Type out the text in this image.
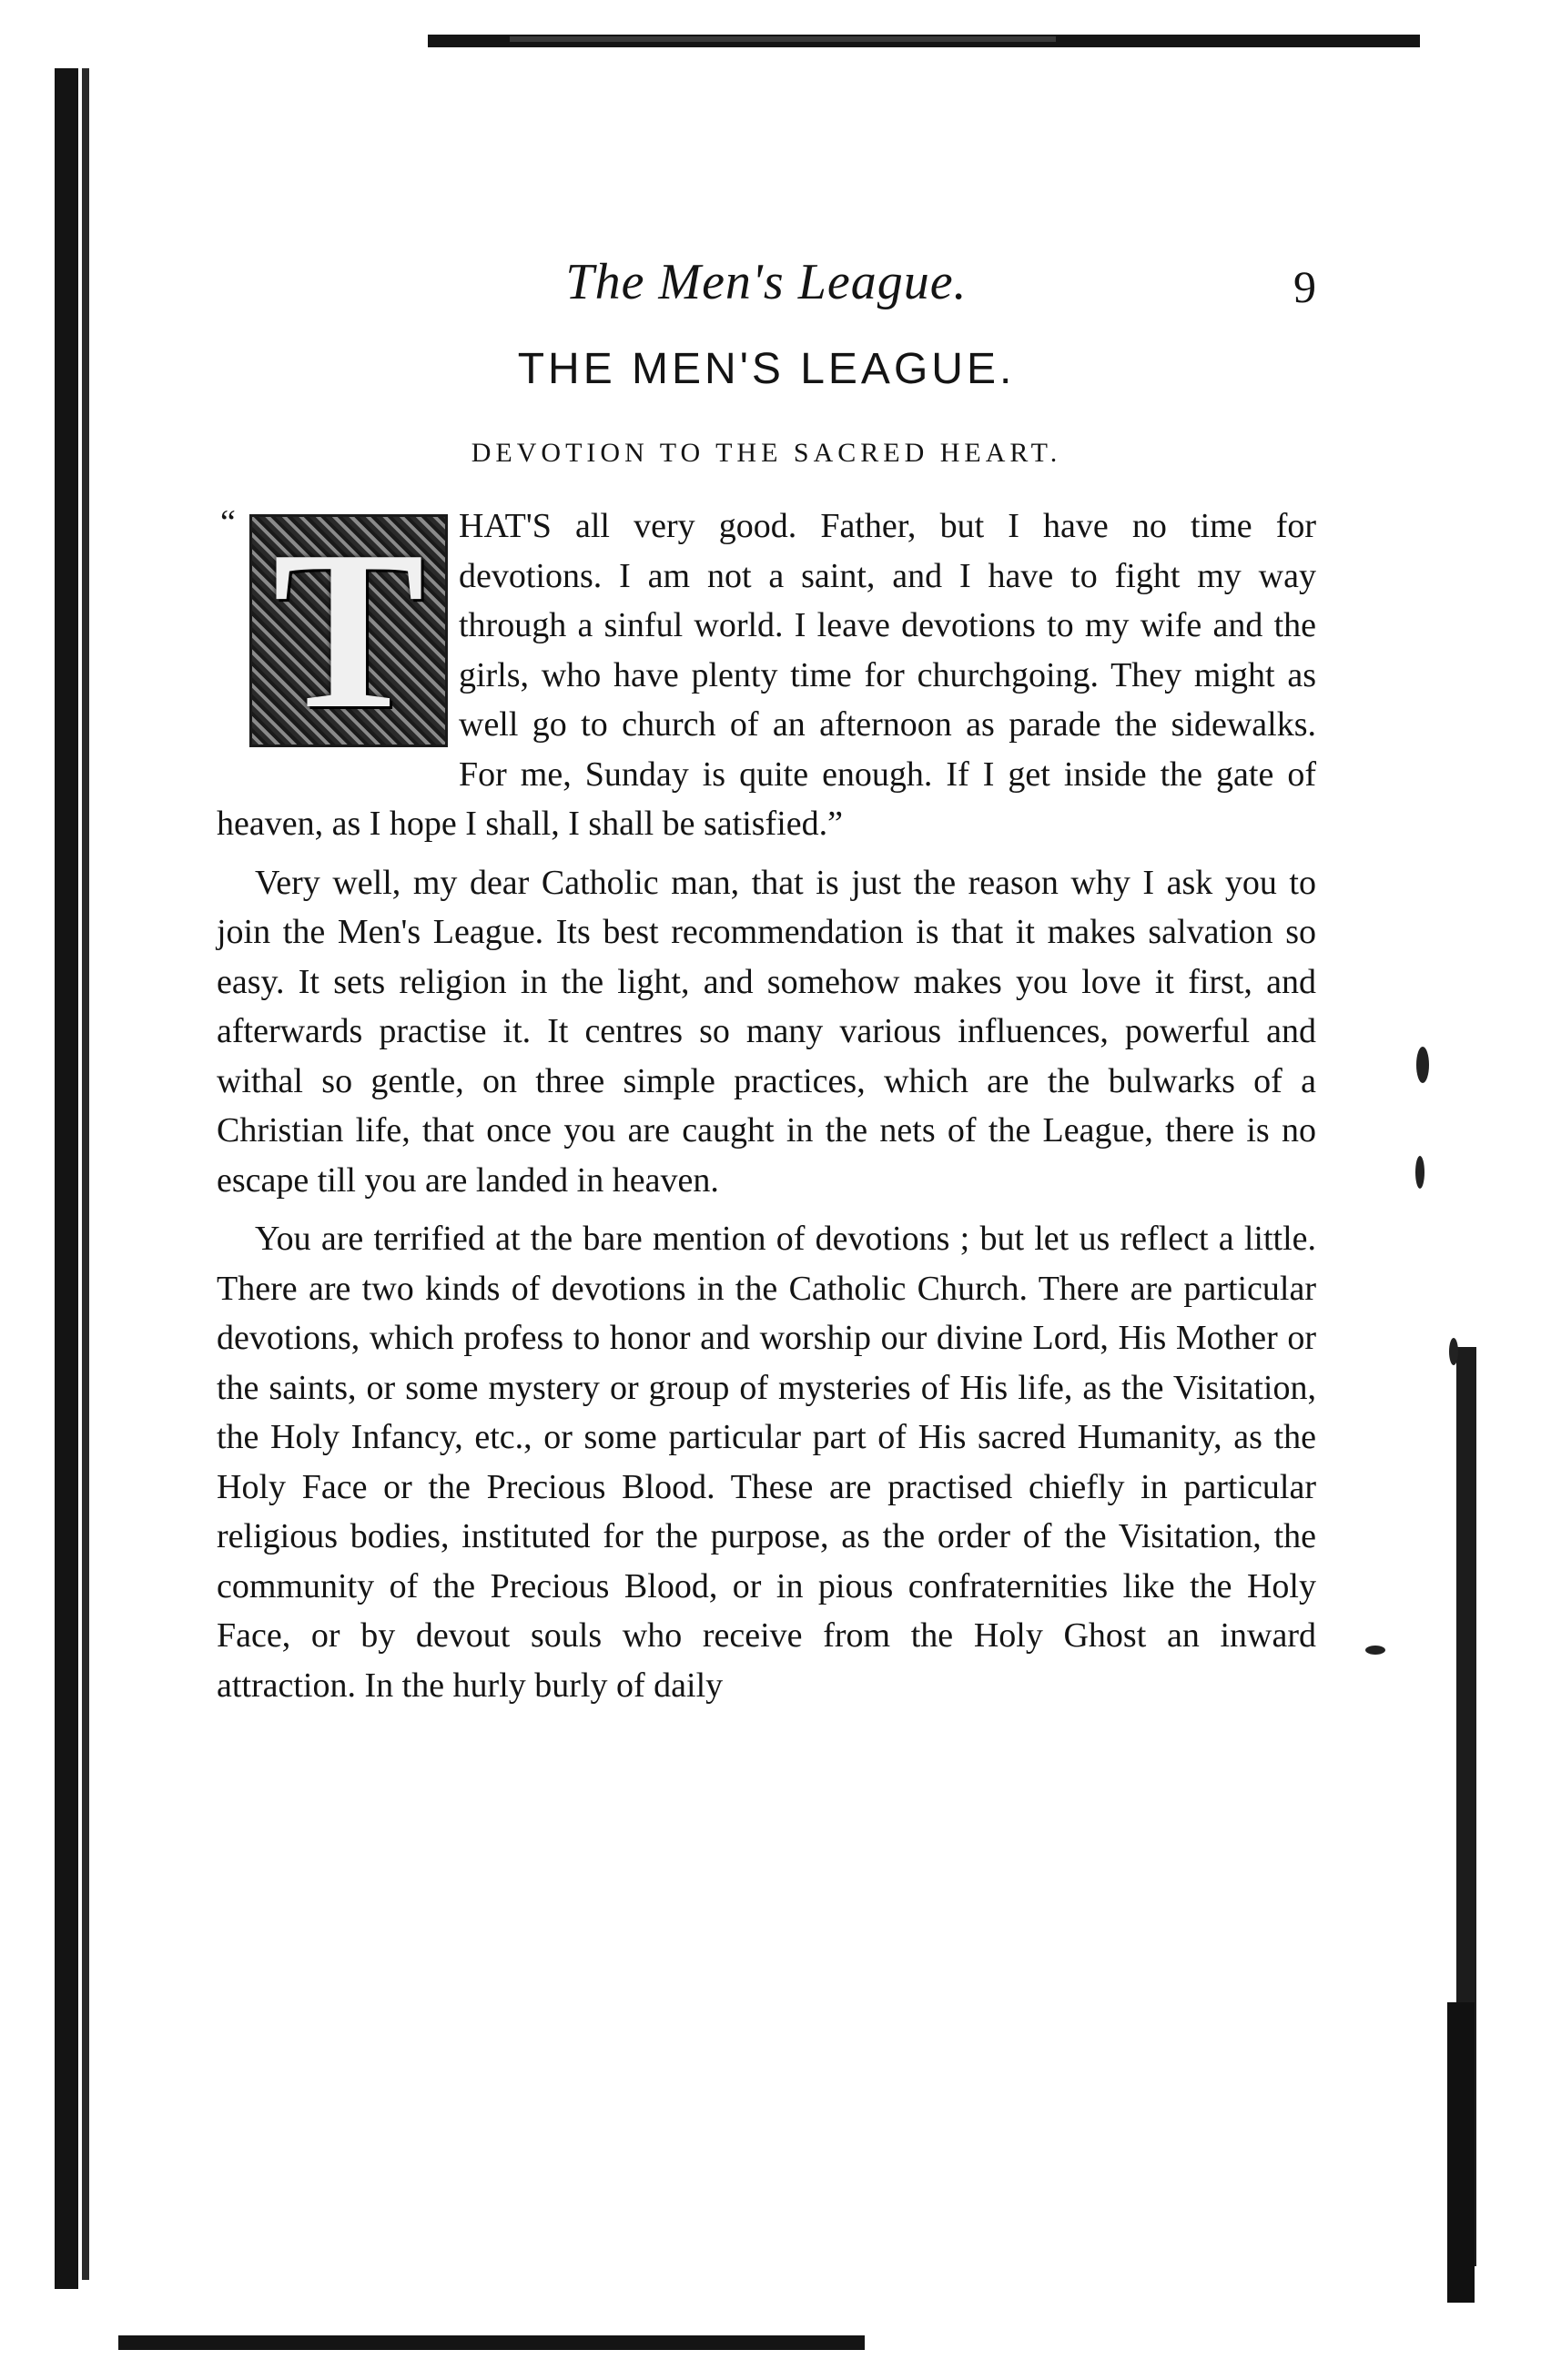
The Men's League.	9
THE MEN'S LEAGUE.
DEVOTION TO THE SACRED HEART.
“ T HAT'S all very good. Father, but I have no time for devotions. I am not a saint, and I have to fight my way through a sinful world. I leave devotions to my wife and the girls, who have plenty time for churchgoing. They might as well go to church of an afternoon as parade the sidewalks. For me, Sunday is quite enough. If I get inside the gate of heaven, as I hope I shall, I shall be satisfied.”

Very well, my dear Catholic man, that is just the reason why I ask you to join the Men's League. Its best recommendation is that it makes salvation so easy. It sets religion in the light, and somehow makes you love it first, and afterwards practise it. It centres so many various influences, powerful and withal so gentle, on three simple practices, which are the bulwarks of a Christian life, that once you are caught in the nets of the League, there is no escape till you are landed in heaven.

You are terrified at the bare mention of devotions ; but let us reflect a little. There are two kinds of devotions in the Catholic Church. There are particular devotions, which profess to honor and worship our divine Lord, His Mother or the saints, or some mystery or group of mysteries of His life, as the Visitation, the Holy Infancy, etc., or some particular part of His sacred Humanity, as the Holy Face or the Precious Blood. These are practised chiefly in particular religious bodies, instituted for the purpose, as the order of the Visitation, the community of the Precious Blood, or in pious confraternities like the Holy Face, or by devout souls who receive from the Holy Ghost an inward attraction. In the hurly burly of daily
